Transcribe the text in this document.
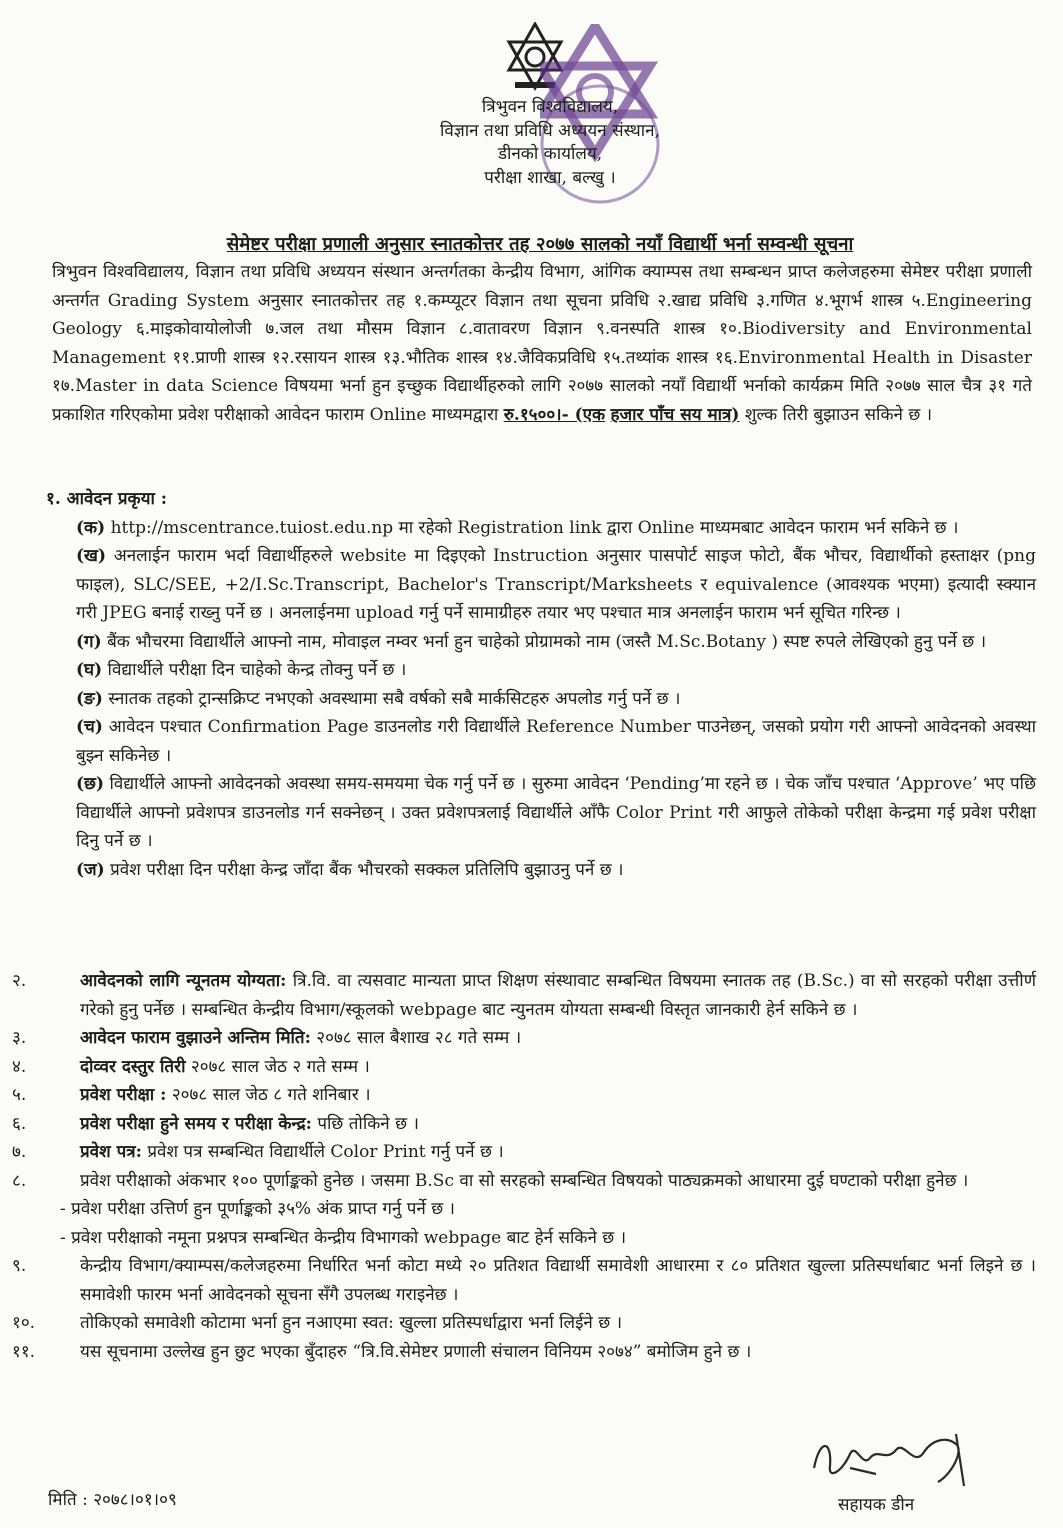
त्रिभुवन विश्वविद्यालय,
विज्ञान तथा प्रविधि अध्ययन संस्थान,
डीनको कार्यालय,
परीक्षा शाखा, बल्खु ।
सेमेष्टर परीक्षा प्रणाली अनुसार स्नातकोत्तर तह २०७७ सालको नयाँ विद्यार्थी भर्ना सम्वन्धी सूचना
त्रिभुवन विश्वविद्यालय, विज्ञान तथा प्रविधि अध्ययन संस्थान अन्तर्गतका केन्द्रीय विभाग, आंगिक क्याम्पस तथा सम्बन्धन प्राप्त कलेजहरुमा सेमेष्टर परीक्षा प्रणाली अन्तर्गत Grading System अनुसार स्नातकोत्तर तह १.कम्प्यूटर विज्ञान तथा सूचना प्रविधि २.खाद्य प्रविधि ३.गणित ४.भूगर्भ शास्त्र ५.Engineering Geology ६.माइकोवायोलोजी ७.जल तथा मौसम विज्ञान ८.वातावरण विज्ञान ९.वनस्पति शास्त्र १०.Biodiversity and Environmental Management ११.प्राणी शास्त्र १२.रसायन शास्त्र १३.भौतिक शास्त्र १४.जैविकप्रविधि १५.तथ्यांक शास्त्र १६.Environmental Health in Disaster १७.Master in data Science विषयमा भर्ना हुन इच्छुक विद्यार्थीहरुको लागि २०७७ सालको नयाँ विद्यार्थी भर्नाको कार्यक्रम मिति २०७७ साल चैत्र ३१ गते प्रकाशित गरिएकोमा प्रवेश परीक्षाको आवेदन फाराम Online माध्यमद्वारा रु.१५००।- (एक हजार पाँच सय मात्र) शुल्क तिरी बुझाउन सकिने छ ।
१. आवेदन प्रकृया :
(क) http://mscentrance.tuiost.edu.np मा रहेको Registration link द्वारा Online माध्यमबाट आवेदन फाराम भर्न सकिने छ ।
(ख) अनलाईन फाराम भर्दा विद्यार्थीहरुले website मा दिइएको Instruction अनुसार पासपोर्ट साइज फोटो, बैंक भौचर, विद्यार्थीको हस्ताक्षर (png फाइल), SLC/SEE, +2/I.Sc.Transcript, Bachelor's Transcript/Marksheets र equivalence (आवश्यक भएमा) इत्यादी स्क्यान गरी JPEG बनाई राख्नु पर्ने छ । अनलाईनमा upload गर्नु पर्ने सामाग्रीहरु तयार भए पश्चात मात्र अनलाईन फाराम भर्न सूचित गरिन्छ ।
(ग) बैंक भौचरमा विद्यार्थीले आफ्नो नाम, मोवाइल नम्वर भर्ना हुन चाहेको प्रोग्रामको नाम (जस्तै M.Sc.Botany ) स्पष्ट रुपले लेखिएको हुनु पर्ने छ ।
(घ) विद्यार्थीले परीक्षा दिन चाहेको केन्द्र तोक्नु पर्ने छ ।
(ङ) स्नातक तहको ट्रान्सक्रिप्ट नभएको अवस्थामा सबै वर्षको सबै मार्कसिटहरु अपलोड गर्नु पर्ने छ ।
(च) आवेदन पश्चात Confirmation Page डाउनलोड गरी विद्यार्थीले Reference Number पाउनेछन्, जसको प्रयोग गरी आफ्नो आवेदनको अवस्था बुझ्न सकिनेछ ।
(छ) विद्यार्थीले आफ्नो आवेदनको अवस्था समय-समयमा चेक गर्नु पर्ने छ । सुरुमा आवेदन ‘Pending’मा रहने छ । चेक जाँच पश्चात ‘Approve’ भए पछि विद्यार्थीले आफ्नो प्रवेशपत्र डाउनलोड गर्न सक्नेछन् । उक्त प्रवेशपत्रलाई विद्यार्थीले आँफै Color Print गरी आफुले तोकेको परीक्षा केन्द्रमा गई प्रवेश परीक्षा दिनु पर्ने छ ।
(ज) प्रवेश परीक्षा दिन परीक्षा केन्द्र जाँदा बैंक भौचरको सक्कल प्रतिलिपि बुझाउनु पर्ने छ ।
२.	आवेदनको लागि न्यूनतम योग्यता: त्रि.वि. वा त्यसवाट मान्यता प्राप्त शिक्षण संस्थावाट सम्बन्धित विषयमा स्नातक तह (B.Sc.) वा सो सरहको परीक्षा उत्तीर्ण गरेको हुनु पर्नेछ । सम्बन्धित केन्द्रीय विभाग/स्कूलको webpage बाट न्युनतम योग्यता सम्बन्धी विस्तृत जानकारी हेर्न सकिने छ ।
३.	आवेदन फाराम वुझाउने अन्तिम मिति: २०७८ साल बैशाख २८ गते सम्म ।
४.	दोव्वर दस्तुर तिरी २०७८ साल जेठ २ गते सम्म ।
५.	प्रवेश परीक्षा : २०७८ साल जेठ ८ गते शनिबार ।
६.	प्रवेश परीक्षा हुने समय र परीक्षा केन्द्र: पछि तोकिने छ ।
७.	प्रवेश पत्र: प्रवेश पत्र सम्बन्धित विद्यार्थीले Color Print गर्नु पर्ने छ ।
८.	प्रवेश परीक्षाको अंकभार १०० पूर्णाङ्कको हुनेछ । जसमा B.Sc वा सो सरहको सम्बन्धित विषयको पाठ्यक्रमको आधारमा दुई घण्टाको परीक्षा हुनेछ ।
- प्रवेश परीक्षा उत्तिर्ण हुन पूर्णाङ्कको ३५% अंक प्राप्त गर्नु पर्ने छ ।
- प्रवेश परीक्षाको नमूना प्रश्नपत्र सम्बन्धित केन्द्रीय विभागको webpage बाट हेर्न सकिने छ ।
९.	केन्द्रीय विभाग/क्याम्पस/कलेजहरुमा निर्धारित भर्ना कोटा मध्ये २० प्रतिशत विद्यार्थी समावेशी आधारमा र ८० प्रतिशत खुल्ला प्रतिस्पर्धाबाट भर्ना लिइने छ । समावेशी फारम भर्ना आवेदनको सूचना सँगै उपलब्ध गराइनेछ ।
१०.	तोकिएको समावेशी कोटामा भर्ना हुन नआएमा स्वत: खुल्ला प्रतिस्पर्धाद्वारा भर्ना लिईने छ ।
११.	यस सूचनामा उल्लेख हुन छुट भएका बुँदाहरु “त्रि.वि.सेमेष्टर प्रणाली संचालन विनियम २०७४” बमोजिम हुने छ ।
सहायक डीन
मिति : २०७८।०१।०९
